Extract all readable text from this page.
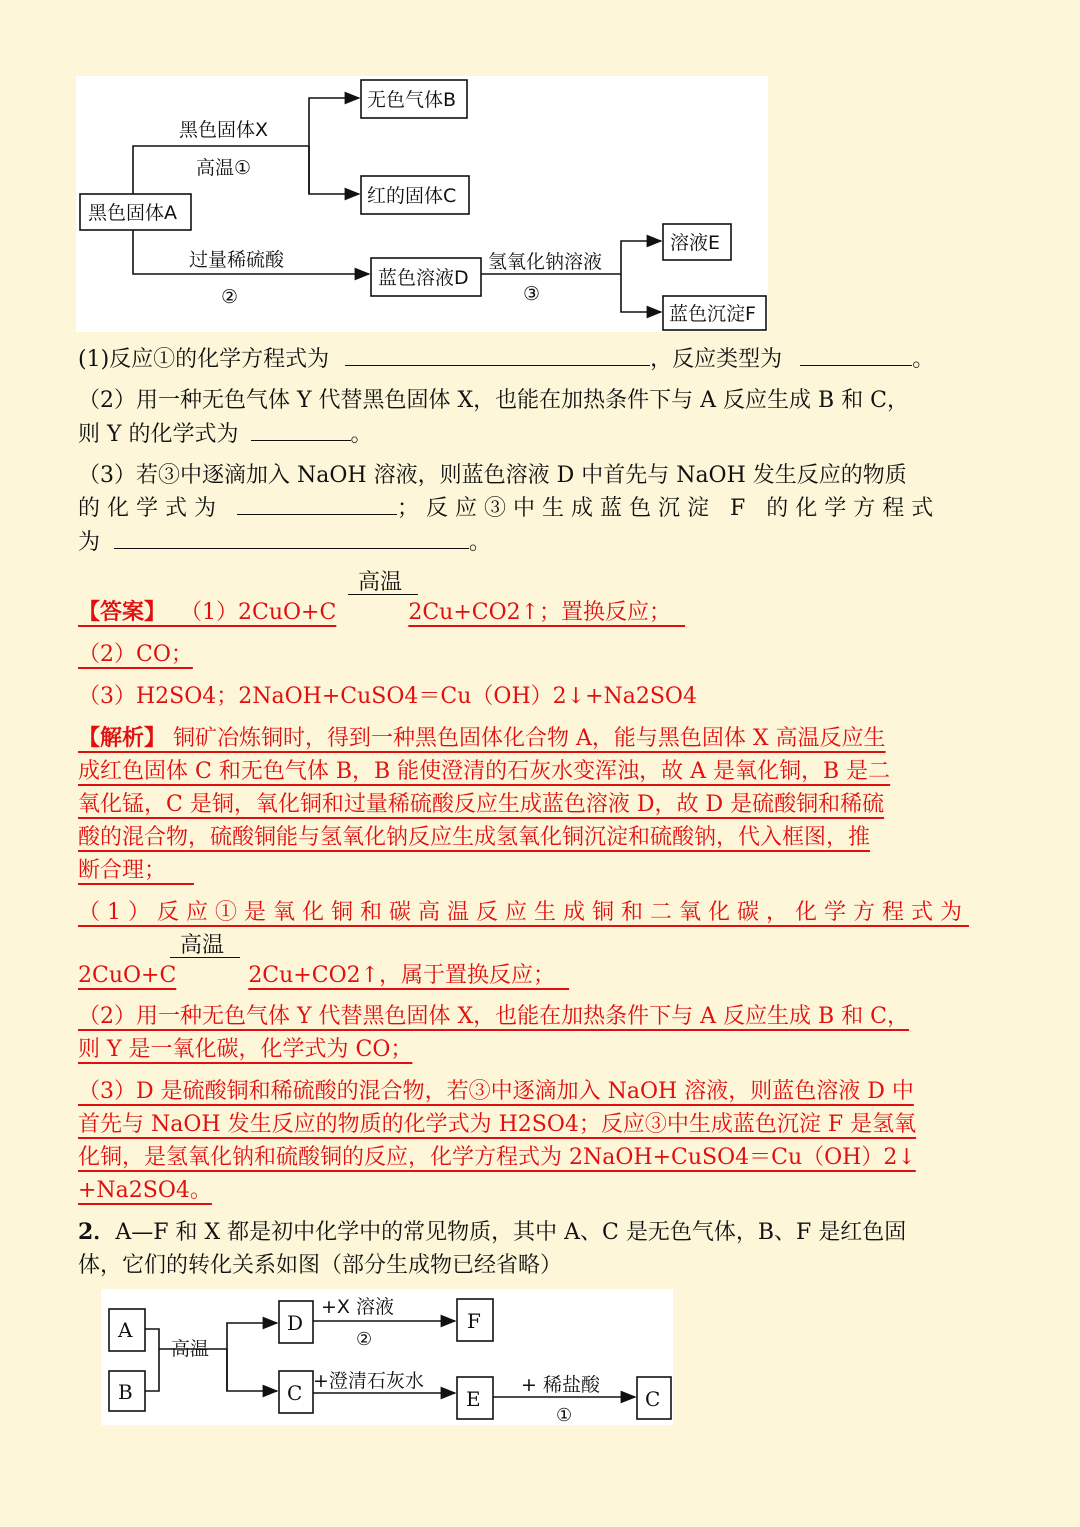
黑色固体A
无色气体B
红的固体C
蓝色溶液D
溶液E
蓝色沉淀F
黑色固体X
高温①
过量稀硫酸
②
氢氧化钠溶液
③
(1)反应①的化学方程式为	，反应类型为	。
（2）用一种无色气体 Y 代替黑色固体 X，也能在加热条件下与 A 反应生成 B 和 C，
则 Y 的化学式为	。
（3）若③中逐滴加入 NaOH 溶液，则蓝色溶液 D 中首先与 NaOH 发生反应的物质
的化学式为	；反应③中生成蓝色沉淀 F 的化学方程式
为	。
高温
【答案】 （1）2CuO+C	2Cu+CO2↑；置换反应；
（2）CO；
（3）H2SO4；2NaOH+CuSO4＝Cu（OH）2↓+Na2SO4
【解析】 铜矿冶炼铜时，得到一种黑色固体化合物 A，能与黑色固体 X 高温反应生
成红色固体 C 和无色气体 B，B 能使澄清的石灰水变浑浊，故 A 是氧化铜，B 是二
氧化锰，C 是铜，氧化铜和过量稀硫酸反应生成蓝色溶液 D，故 D 是硫酸铜和稀硫
酸的混合物，硫酸铜能与氢氧化钠反应生成氢氧化铜沉淀和硫酸钠，代入框图，推
断合理；
（1）反应①是氧化铜和碳高温反应生成铜和二氧化碳，化学方程式为
高温
2CuO+C	2Cu+CO2↑，属于置换反应；
（2）用一种无色气体 Y 代替黑色固体 X，也能在加热条件下与 A 反应生成 B 和 C，
则 Y 是一氧化碳，化学式为 CO；
（3）D 是硫酸铜和稀硫酸的混合物，若③中逐滴加入 NaOH 溶液，则蓝色溶液 D 中
首先与 NaOH 发生反应的物质的化学式为 H2SO4；反应③中生成蓝色沉淀 F 是氢氧
化铜，是氢氧化钠和硫酸铜的反应，化学方程式为 2NaOH+CuSO4＝Cu（OH）2↓
+Na2SO4。
2．A—F 和 X 都是初中化学中的常见物质，其中 A、C 是无色气体，B、F 是红色固
体，它们的转化关系如图（部分生成物已经省略）
A
B
D	F
C	E	C
高温
+X 溶液
②
+澄清石灰水	+ 稀盐酸
①
